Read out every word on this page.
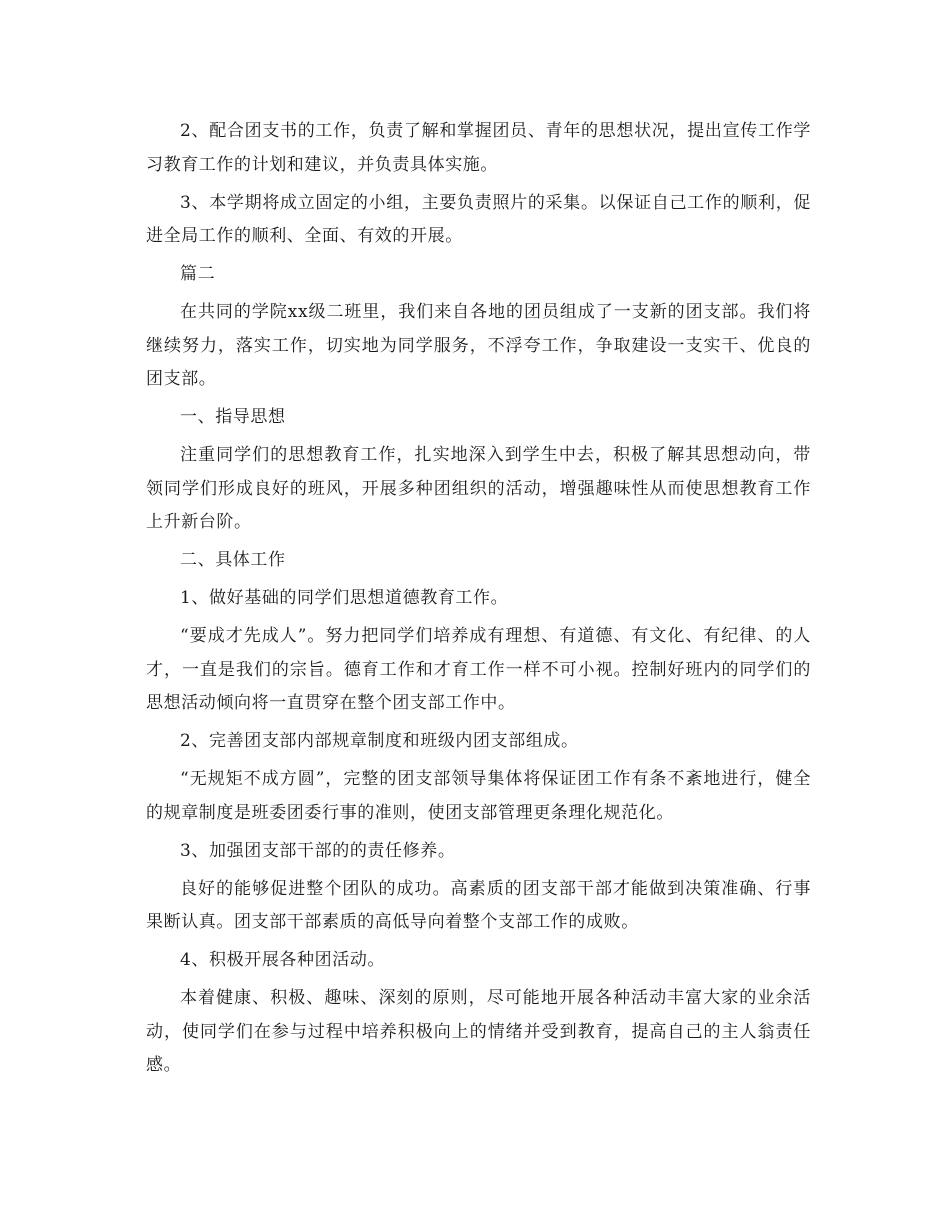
2、配合团支书的工作，负责了解和掌握团员、青年的思想状况，提出宣传工作学习教育工作的计划和建议，并负责具体实施。

3、本学期将成立固定的小组，主要负责照片的采集。以保证自己工作的顺利，促进全局工作的顺利、全面、有效的开展。

篇二

在共同的学院xx级二班里，我们来自各地的团员组成了一支新的团支部。我们将继续努力，落实工作，切实地为同学服务，不浮夸工作，争取建设一支实干、优良的团支部。

一、指导思想

注重同学们的思想教育工作，扎实地深入到学生中去，积极了解其思想动向，带领同学们形成良好的班风，开展多种团组织的活动，增强趣味性从而使思想教育工作上升新台阶。

二、具体工作

1、做好基础的同学们思想道德教育工作。

“要成才先成人”。努力把同学们培养成有理想、有道德、有文化、有纪律、的人才，一直是我们的宗旨。德育工作和才育工作一样不可小视。控制好班内的同学们的思想活动倾向将一直贯穿在整个团支部工作中。

2、完善团支部内部规章制度和班级内团支部组成。

“无规矩不成方圆”，完整的团支部领导集体将保证团工作有条不紊地进行，健全的规章制度是班委团委行事的准则，使团支部管理更条理化规范化。

3、加强团支部干部的的责任修养。

良好的能够促进整个团队的成功。高素质的团支部干部才能做到决策准确、行事果断认真。团支部干部素质的高低导向着整个支部工作的成败。

4、积极开展各种团活动。

本着健康、积极、趣味、深刻的原则，尽可能地开展各种活动丰富大家的业余活动，使同学们在参与过程中培养积极向上的情绪并受到教育，提高自己的主人翁责任感。
